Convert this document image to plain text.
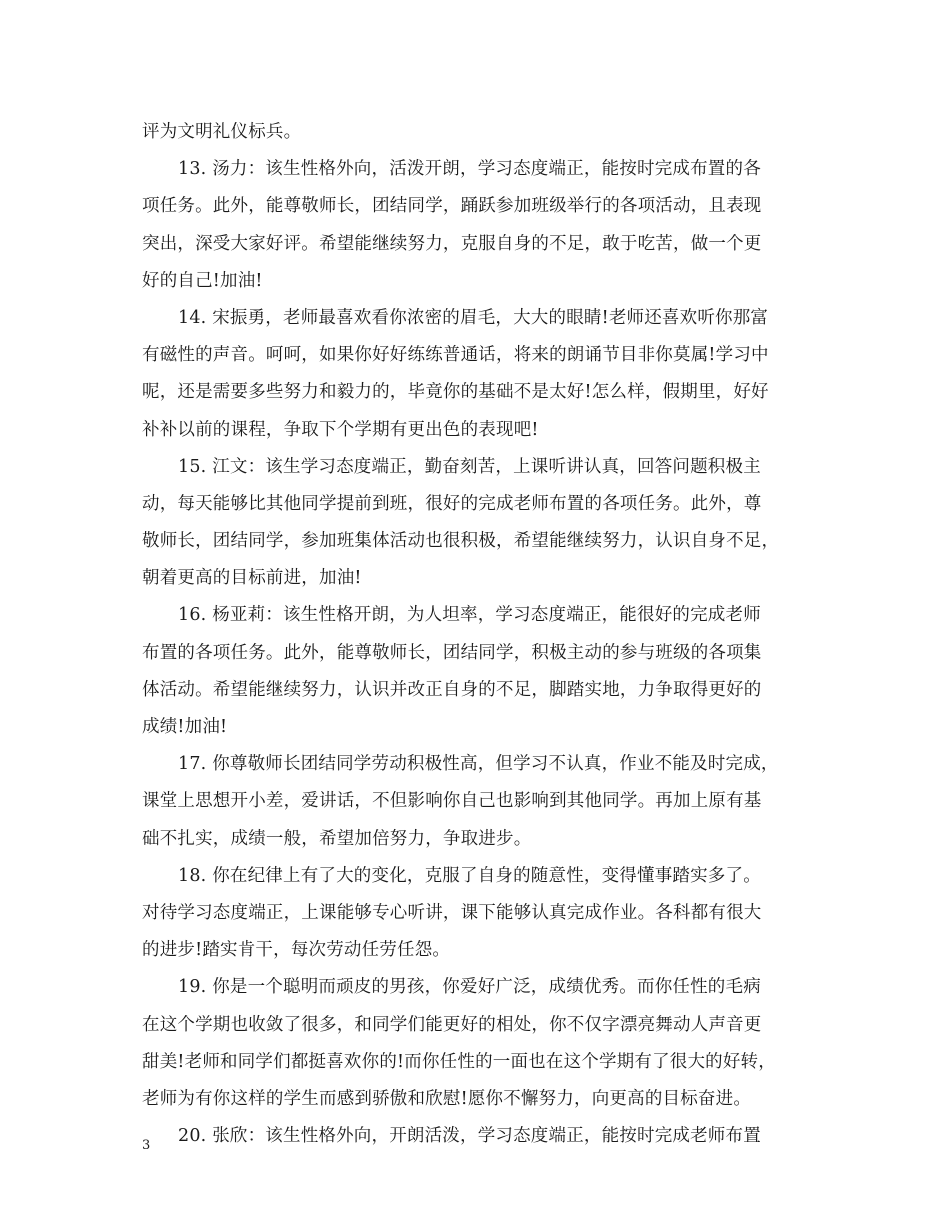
评为文明礼仪标兵。
13. 汤力：该生性格外向，活泼开朗，学习态度端正，能按时完成布置的各
项任务。此外，能尊敬师长，团结同学，踊跃参加班级举行的各项活动，且表现
突出，深受大家好评。希望能继续努力，克服自身的不足，敢于吃苦，做一个更
好的自己!加油!
14. 宋振勇，老师最喜欢看你浓密的眉毛，大大的眼睛!老师还喜欢听你那富
有磁性的声音。呵呵，如果你好好练练普通话，将来的朗诵节目非你莫属!学习中
呢，还是需要多些努力和毅力的，毕竟你的基础不是太好!怎么样，假期里，好好
补补以前的课程，争取下个学期有更出色的表现吧!
15. 江文：该生学习态度端正，勤奋刻苦，上课听讲认真，回答问题积极主
动，每天能够比其他同学提前到班，很好的完成老师布置的各项任务。此外，尊
敬师长，团结同学，参加班集体活动也很积极，希望能继续努力，认识自身不足，
朝着更高的目标前进，加油!
16. 杨亚莉：该生性格开朗，为人坦率，学习态度端正，能很好的完成老师
布置的各项任务。此外，能尊敬师长，团结同学，积极主动的参与班级的各项集
体活动。希望能继续努力，认识并改正自身的不足，脚踏实地，力争取得更好的
成绩!加油!
17. 你尊敬师长团结同学劳动积极性高，但学习不认真，作业不能及时完成，
课堂上思想开小差，爱讲话，不但影响你自己也影响到其他同学。再加上原有基
础不扎实，成绩一般，希望加倍努力，争取进步。
18. 你在纪律上有了大的变化，克服了自身的随意性，变得懂事踏实多了。
对待学习态度端正，上课能够专心听讲，课下能够认真完成作业。各科都有很大
的进步!踏实肯干，每次劳动任劳任怨。
19. 你是一个聪明而顽皮的男孩，你爱好广泛，成绩优秀。而你任性的毛病
在这个学期也收敛了很多，和同学们能更好的相处，你不仅字漂亮舞动人声音更
甜美!老师和同学们都挺喜欢你的!而你任性的一面也在这个学期有了很大的好转，
老师为有你这样的学生而感到骄傲和欣慰!愿你不懈努力，向更高的目标奋进。
20. 张欣：该生性格外向，开朗活泼，学习态度端正，能按时完成老师布置
3
